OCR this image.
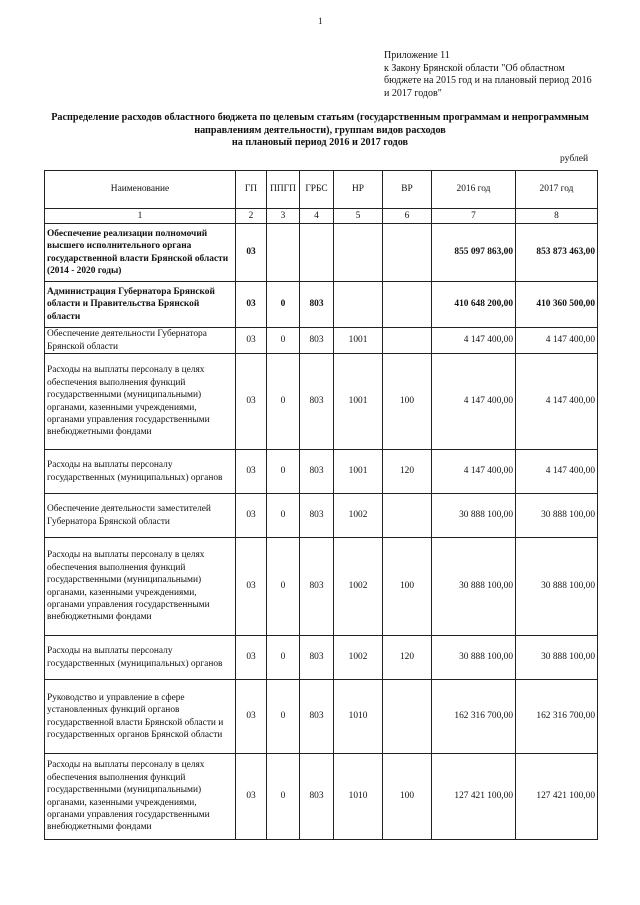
1
Приложение 11
к Закону Брянской области "Об областном
бюджете на 2015 год и на плановый период 2016
и 2017 годов"
Распределение расходов областного бюджета по целевым статьям (государственным программам и непрограммным
направлениям деятельности), группам видов расходов
на плановый период 2016 и 2017 годов
рублей
Наименование	ГП	ППГП	ГРБС	НР	ВР	2016 год	2017 год
1	2	3	4	5	6	7	8
Обеспечение реализации полномочий высшего исполнительного органа государственной власти Брянской области (2014 - 2020 годы)	03					855 097 863,00	853 873 463,00
Администрация Губернатора Брянской области и Правительства Брянской области	03	0	803			410 648 200,00	410 360 500,00
Обеспечение деятельности Губернатора Брянской области	03	0	803	1001		4 147 400,00	4 147 400,00
Расходы на выплаты персоналу в целях обеспечения выполнения функций государственными (муниципальными) органами, казенными учреждениями, органами управления государственными внебюджетными фондами	03	0	803	1001	100	4 147 400,00	4 147 400,00
Расходы на выплаты персоналу государственных (муниципальных) органов	03	0	803	1001	120	4 147 400,00	4 147 400,00
Обеспечение деятельности заместителей Губернатора Брянской области	03	0	803	1002		30 888 100,00	30 888 100,00
Расходы на выплаты персоналу в целях обеспечения выполнения функций государственными (муниципальными) органами, казенными учреждениями, органами управления государственными внебюджетными фондами	03	0	803	1002	100	30 888 100,00	30 888 100,00
Расходы на выплаты персоналу государственных (муниципальных) органов	03	0	803	1002	120	30 888 100,00	30 888 100,00
Руководство и управление в сфере установленных функций органов государственной власти Брянской области и государственных органов Брянской области	03	0	803	1010		162 316 700,00	162 316 700,00
Расходы на выплаты персоналу в целях обеспечения выполнения функций государственными (муниципальными) органами, казенными учреждениями, органами управления государственными внебюджетными фондами	03	0	803	1010	100	127 421 100,00	127 421 100,00
